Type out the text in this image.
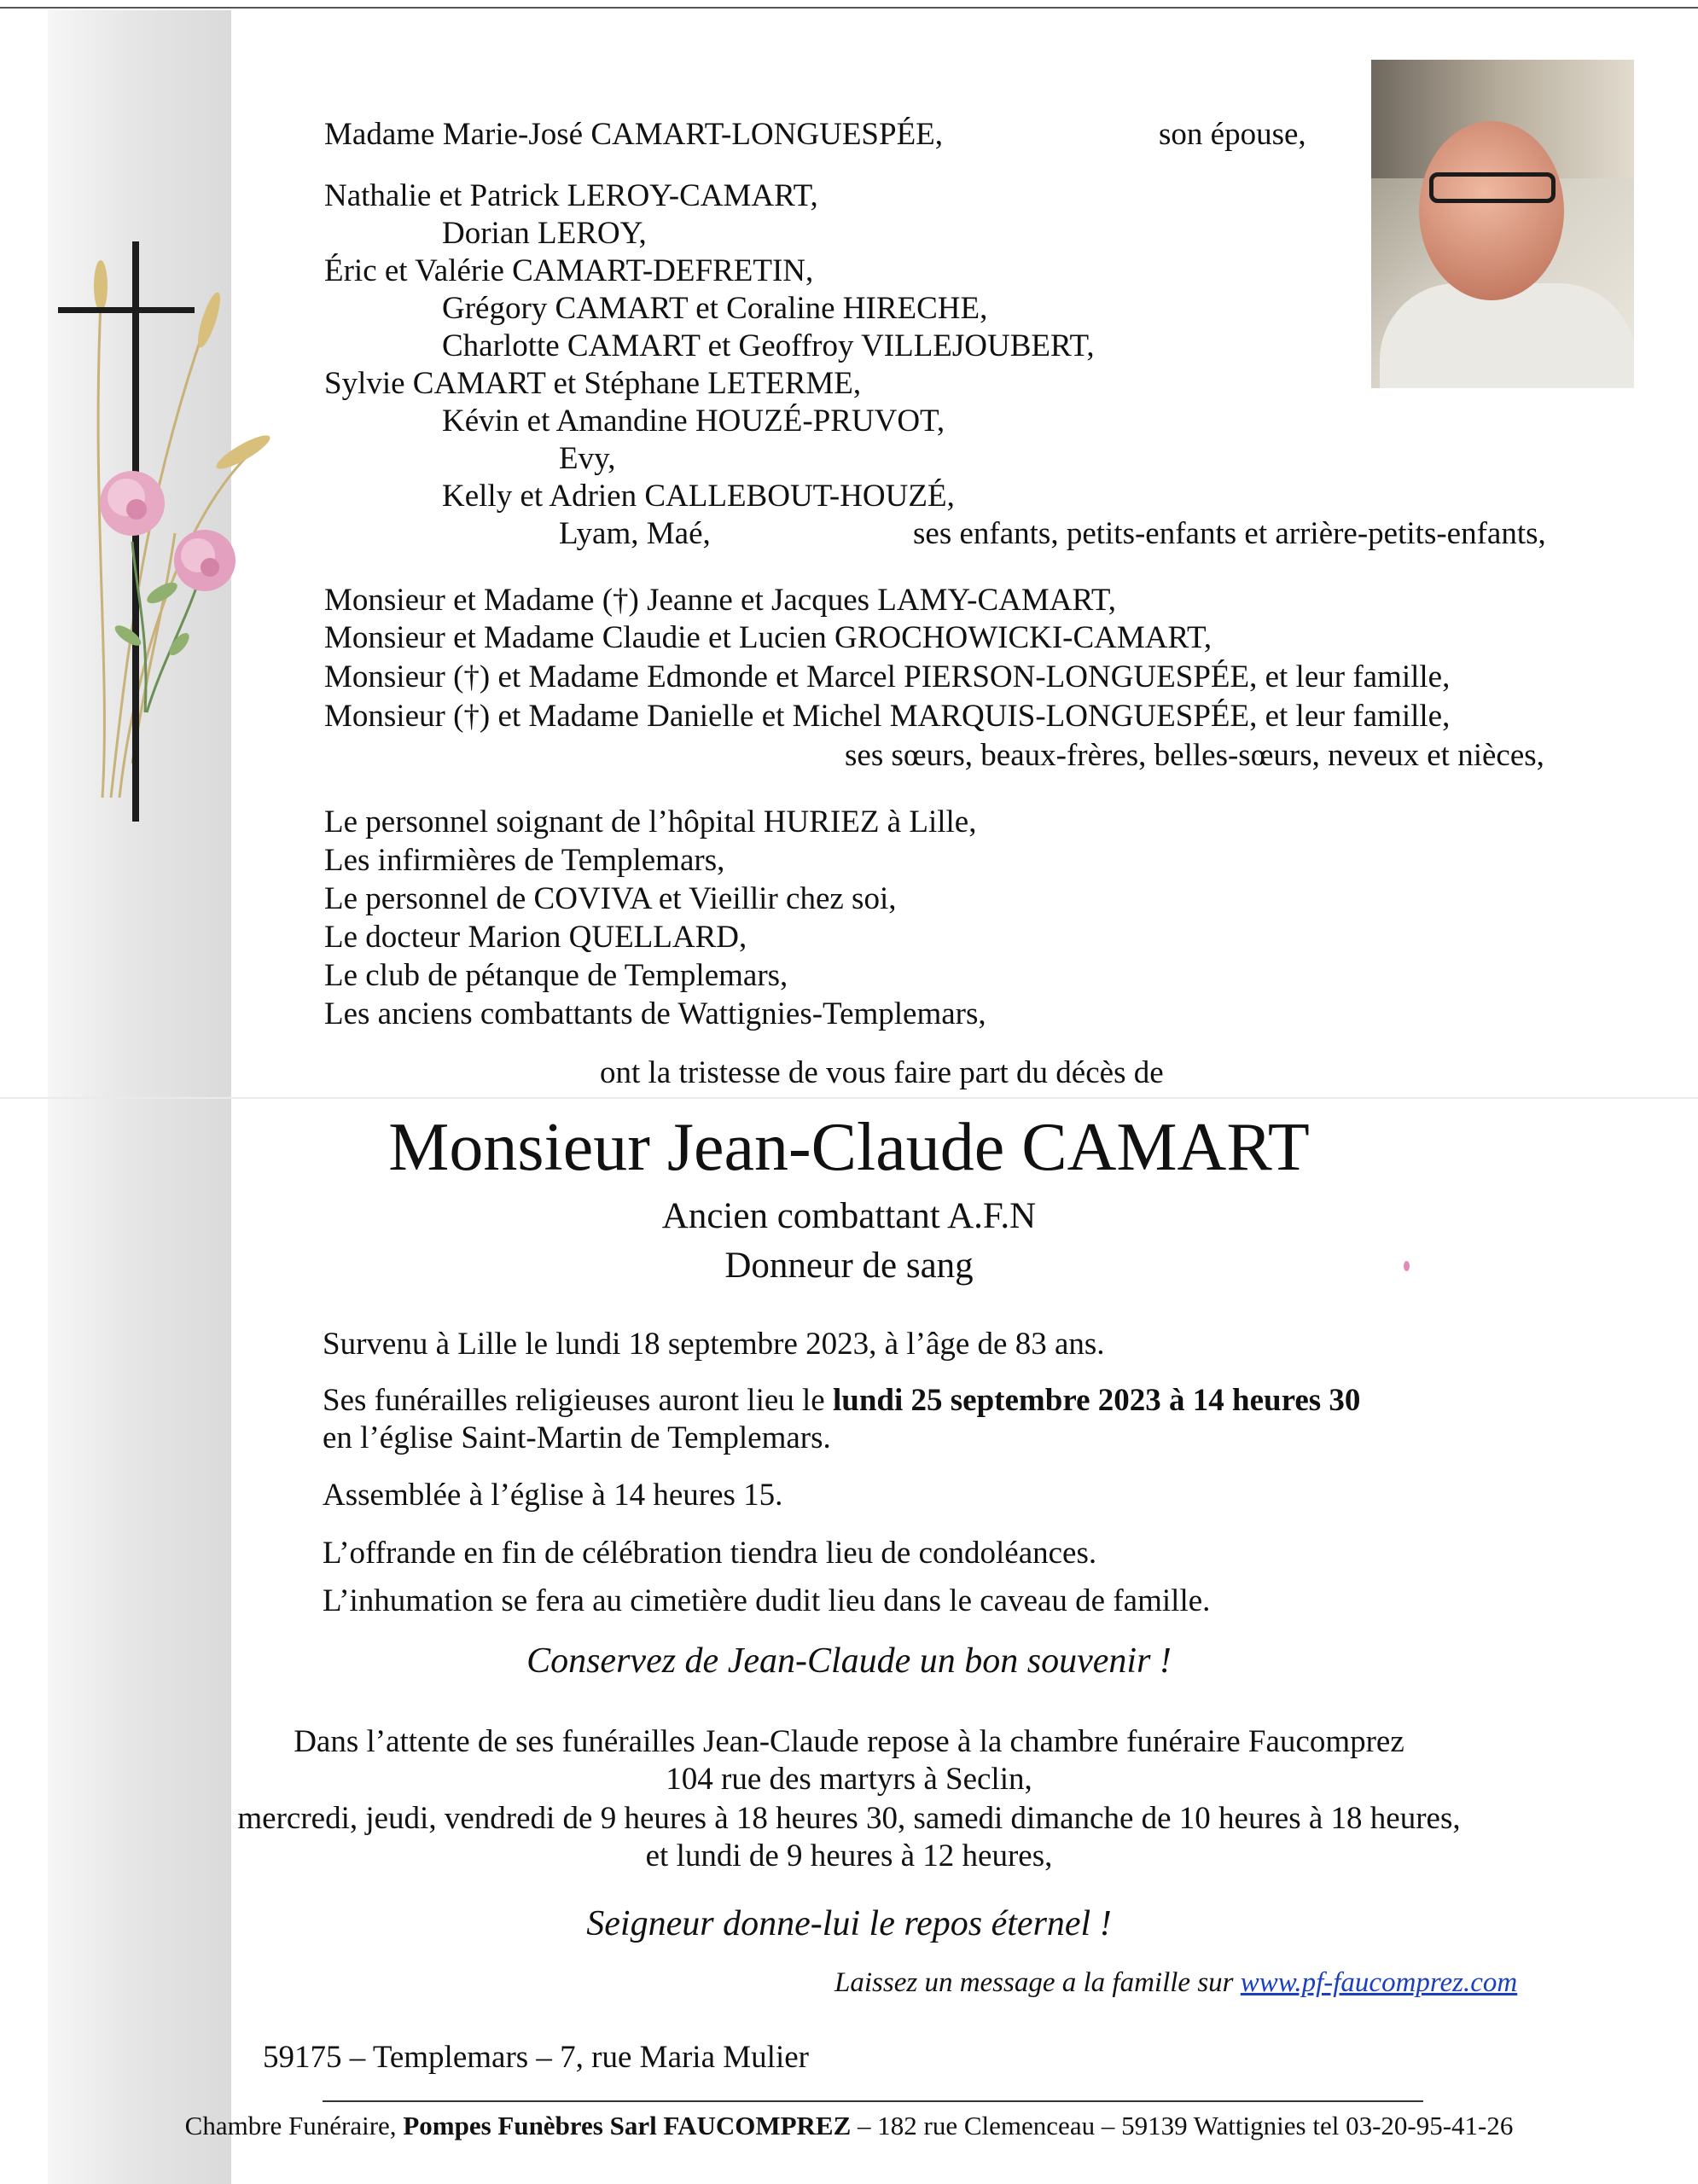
Madame Marie-José CAMART-LONGUESPÉE,	son épouse,
Nathalie et Patrick LEROY-CAMART,
Dorian LEROY,
Éric et Valérie CAMART-DEFRETIN,
Grégory CAMART et Coraline HIRECHE,
Charlotte CAMART et Geoffroy VILLEJOUBERT,
Sylvie CAMART et Stéphane LETERME,
Kévin et Amandine HOUZÉ-PRUVOT,
Evy,
Kelly et Adrien CALLEBOUT-HOUZÉ,
Lyam, Maé,	ses enfants, petits-enfants et arrière-petits-enfants,
Monsieur et Madame (†) Jeanne et Jacques LAMY-CAMART,
Monsieur et Madame Claudie et Lucien GROCHOWICKI-CAMART,
Monsieur (†) et Madame Edmonde et Marcel PIERSON-LONGUESPÉE, et leur famille,
Monsieur (†) et Madame Danielle et Michel MARQUIS-LONGUESPÉE, et leur famille,
ses sœurs, beaux-frères, belles-sœurs, neveux et nièces,
Le personnel soignant de l’hôpital HURIEZ à Lille,
Les infirmières de Templemars,
Le personnel de COVIVA et Vieillir chez soi,
Le docteur Marion QUELLARD,
Le club de pétanque de Templemars,
Les anciens combattants de Wattignies-Templemars,
ont la tristesse de vous faire part du décès de
Monsieur Jean-Claude CAMART
Ancien combattant A.F.N
Donneur de sang
Survenu à Lille le lundi 18 septembre 2023, à l’âge de 83 ans.
Ses funérailles religieuses auront lieu le lundi 25 septembre 2023 à 14 heures 30
en l’église Saint-Martin de Templemars.
Assemblée à l’église à 14 heures 15.
L’offrande en fin de célébration tiendra lieu de condoléances.
L’inhumation se fera au cimetière dudit lieu dans le caveau de famille.
Conservez de Jean-Claude un bon souvenir !
Dans l’attente de ses funérailles Jean-Claude repose à la chambre funéraire Faucomprez
104 rue des martyrs à Seclin,
mercredi, jeudi, vendredi de 9 heures à 18 heures 30, samedi dimanche de 10 heures à 18 heures,
et lundi de 9 heures à 12 heures,
Seigneur donne-lui le repos éternel !
Laissez un message a la famille sur www.pf-faucomprez.com
59175 – Templemars – 7, rue Maria Mulier
Chambre Funéraire, Pompes Funèbres Sarl FAUCOMPREZ – 182 rue Clemenceau – 59139 Wattignies tel 03-20-95-41-26
